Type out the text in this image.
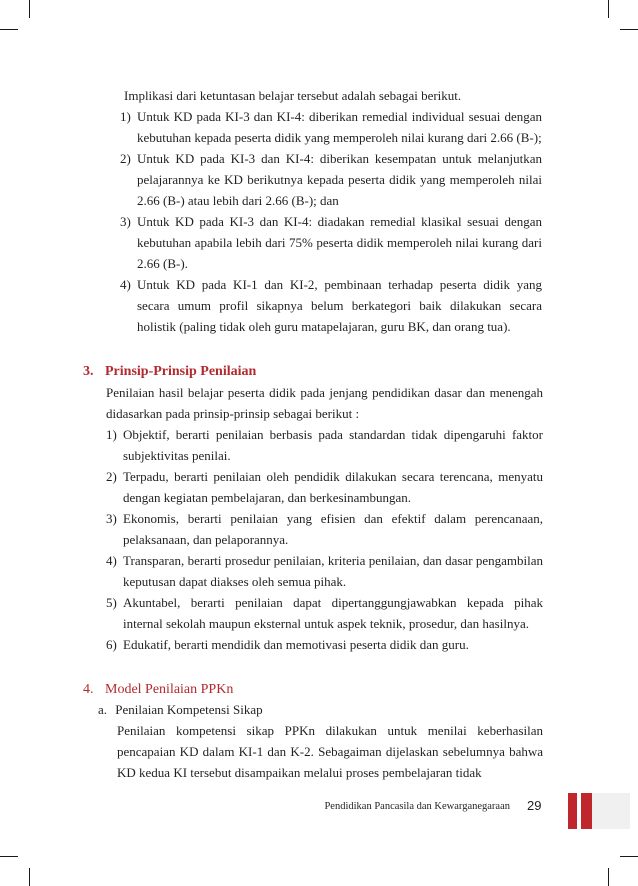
Implikasi dari ketuntasan belajar tersebut adalah sebagai berikut.

1) Untuk KD pada KI-3 dan KI-4: diberikan remedial individual sesuai dengan kebutuhan kepada peserta didik yang memperoleh nilai kurang dari 2.66 (B-);
2) Untuk KD pada KI-3 dan KI-4: diberikan kesempatan untuk melanjutkan pelajarannya ke KD berikutnya kepada peserta didik yang memperoleh nilai 2.66 (B-) atau lebih dari 2.66 (B-); dan
3) Untuk KD pada KI-3 dan KI-4: diadakan remedial klasikal sesuai dengan kebutuhan apabila lebih dari 75% peserta didik memperoleh nilai kurang dari 2.66 (B-).
4) Untuk KD pada KI-1 dan KI-2, pembinaan terhadap peserta didik yang secara umum profil sikapnya belum berkategori baik dilakukan secara holistik (paling tidak oleh guru matapelajaran, guru BK, dan orang tua).
3. Prinsip-Prinsip Penilaian

Penilaian hasil belajar peserta didik pada jenjang pendidikan dasar dan menengah didasarkan pada prinsip-prinsip sebagai berikut :

1) Objektif, berarti penilaian berbasis pada standardan tidak dipengaruhi faktor subjektivitas penilai.
2) Terpadu, berarti penilaian oleh pendidik dilakukan secara terencana, menyatu dengan kegiatan pembelajaran, dan berkesinambungan.
3) Ekonomis, berarti penilaian yang efisien dan efektif dalam perencanaan, pelaksanaan, dan pelaporannya.
4) Transparan, berarti prosedur penilaian, kriteria penilaian, dan dasar pengambilan keputusan dapat diakses oleh semua pihak.
5) Akuntabel, berarti penilaian dapat dipertanggungjawabkan kepada pihak internal sekolah maupun eksternal untuk aspek teknik, prosedur, dan hasilnya.
6) Edukatif, berarti mendidik dan memotivasi peserta didik dan guru.
4. Model Penilaian PPKn
a. Penilaian Kompetensi Sikap

Penilaian kompetensi sikap PPKn dilakukan untuk menilai keberhasilan pencapaian KD dalam KI-1 dan K-2. Sebagaiman dijelaskan sebelumnya bahwa KD kedua KI tersebut disampaikan melalui proses pembelajaran tidak

Pendidikan Pancasila dan Kewarganegaraan 29
